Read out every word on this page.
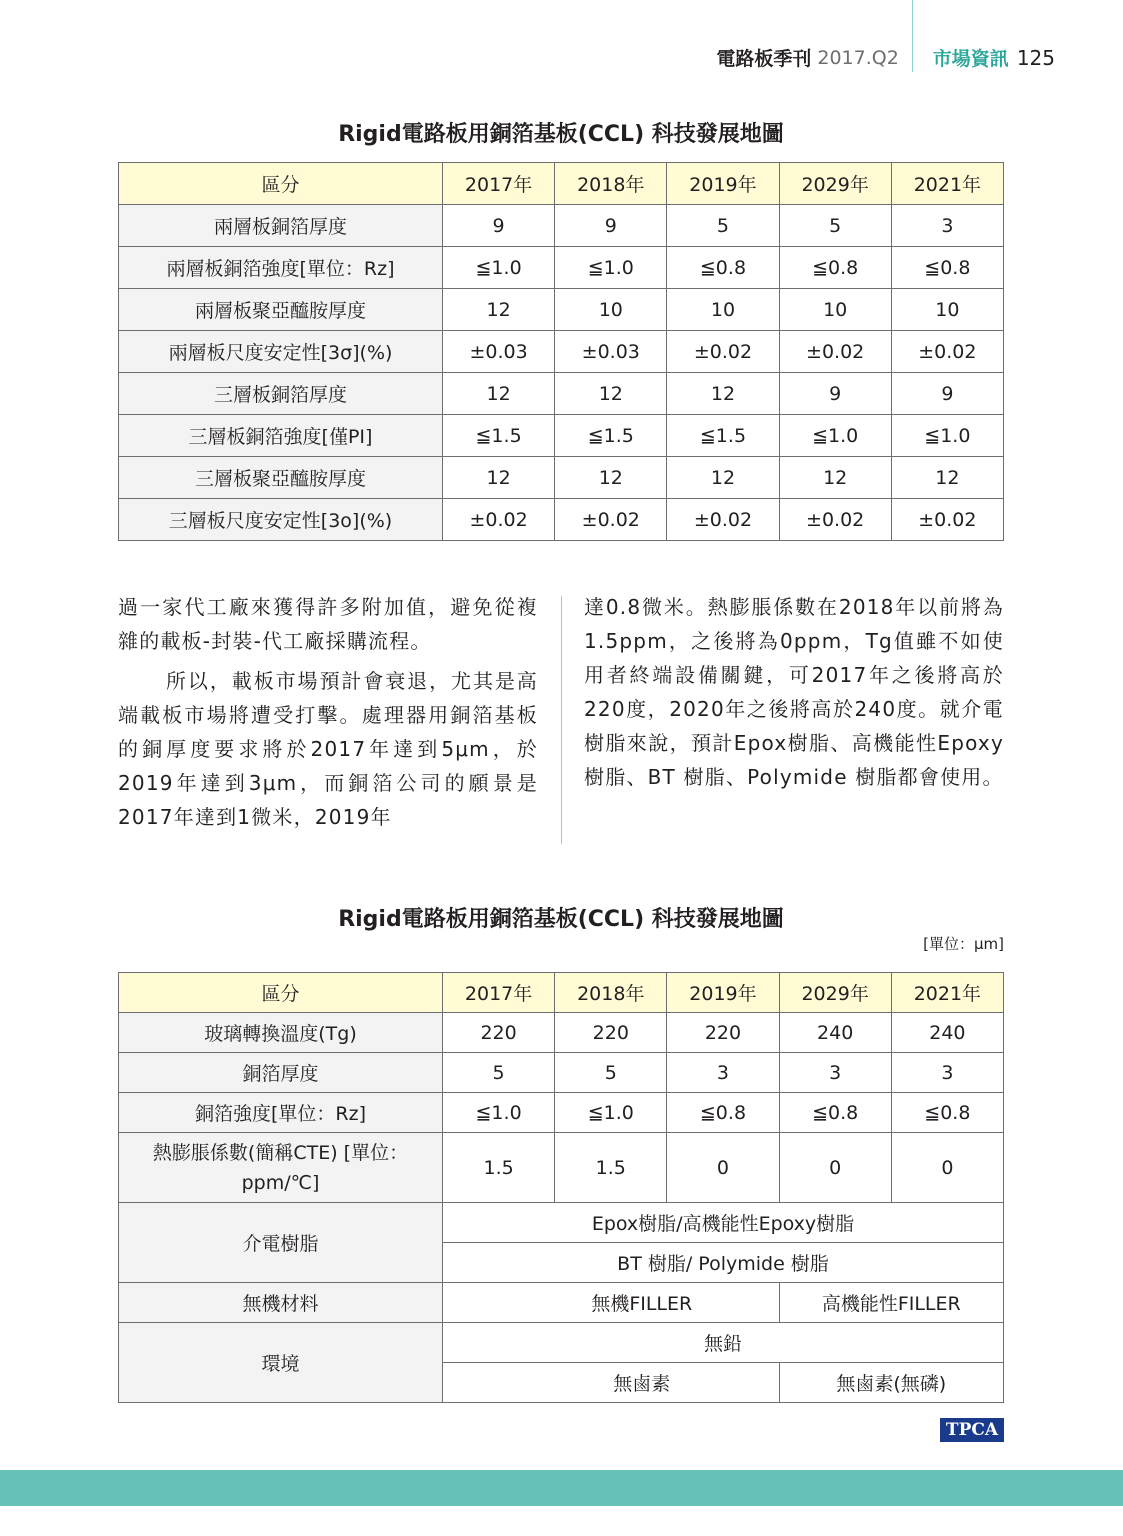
電路板季刊 2017.Q2 市場資訊 125
Rigid電路板用銅箔基板(CCL) 科技發展地圖
區分	2017年	2018年	2019年	2029年	2021年
兩層板銅箔厚度	9	9	5	5	3
兩層板銅箔強度[單位：Rz]	≦1.0	≦1.0	≦0.8	≦0.8	≦0.8
兩層板聚亞醯胺厚度	12	10	10	10	10
兩層板尺度安定性[3σ](%)	±0.03	±0.03	±0.02	±0.02	±0.02
三層板銅箔厚度	12	12	12	9	9
三層板銅箔強度[僅PI]	≦1.5	≦1.5	≦1.5	≦1.0	≦1.0
三層板聚亞醯胺厚度	12	12	12	12	12
三層板尺度安定性[3o](%)	±0.02	±0.02	±0.02	±0.02	±0.02

過一家代工廠來獲得許多附加值，避免從複雜的載板-封裝-代工廠採購流程。

所以，載板市場預計會衰退，尤其是高端載板市場將遭受打擊。處理器用銅箔基板的銅厚度要求將於2017年達到5μm，於2019年達到3μm，而銅箔公司的願景是2017年達到1微米，2019年

達0.8微米。熱膨脹係數在2018年以前將為1.5ppm，之後將為0ppm，Tg值雖不如使用者終端設備關鍵，可2017年之後將高於220度，2020年之後將高於240度。就介電樹脂來說，預計Epox樹脂、高機能性Epoxy樹脂、BT 樹脂、Polymide 樹脂都會使用。

Rigid電路板用銅箔基板(CCL) 科技發展地圖
[單位：μm]
區分	2017年	2018年	2019年	2029年	2021年
玻璃轉換溫度(Tg)	220	220	220	240	240
銅箔厚度	5	5	3	3	3
銅箔強度[單位：Rz]	≦1.0	≦1.0	≦0.8	≦0.8	≦0.8
熱膨脹係數(簡稱CTE) [單位：
ppm/℃]	1.5	1.5	0	0	0
介電樹脂	Epox樹脂/高機能性Epoxy樹脂				
	BT 樹脂/ Polymide 樹脂				
無機材料	無機FILLER			高機能性FILLER	
環境	無鉛				
	無鹵素			無鹵素(無磷)	
TPCA
